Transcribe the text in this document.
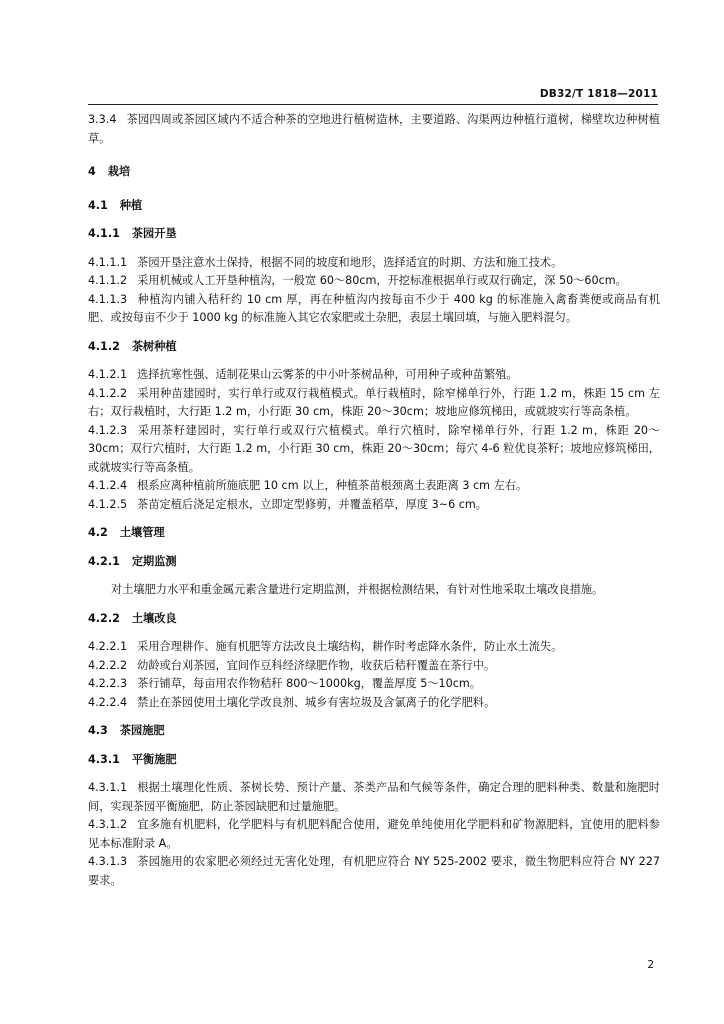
DB32/T 1818—2011

3.3.4 茶园四周或茶园区域内不适合种茶的空地进行植树造林，主要道路、沟渠两边种植行道树，梯壁坎边种树植草。

4 栽培

4.1 种植

4.1.1 茶园开垦

4.1.1.1 茶园开垦注意水土保持，根据不同的坡度和地形，选择适宜的时期、方法和施工技术。

4.1.1.2 采用机械或人工开垦种植沟，一般宽 60～80cm，开挖标准根据单行或双行确定，深 50～60cm。

4.1.1.3 种植沟内铺入秸秆约 10 cm 厚，再在种植沟内按每亩不少于 400 kg 的标准施入禽畜粪便或商品有机肥、或按每亩不少于 1000 kg 的标准施入其它农家肥或土杂肥，表层土壤回填，与施入肥料混匀。

4.1.2 茶树种植

4.1.2.1 选择抗寒性强、适制花果山云雾茶的中小叶茶树品种，可用种子或种苗繁殖。

4.1.2.2 采用种苗建园时，实行单行或双行栽植模式。单行栽植时，除窄梯单行外，行距 1.2 m，株距 15 cm 左右；双行栽植时，大行距 1.2 m，小行距 30 cm，株距 20～30cm；坡地应修筑梯田，或就坡实行等高条植。

4.1.2.3 采用茶籽建园时，实行单行或双行穴植模式。单行穴植时，除窄梯单行外，行距 1.2 m，株距 20～30cm；双行穴植时，大行距 1.2 m，小行距 30 cm，株距 20～30cm；每穴 4-6 粒优良茶籽；坡地应修筑梯田，或就坡实行等高条植。

4.1.2.4 根系应离种植前所施底肥 10 cm 以上，种植茶苗根颈离土表距离 3 cm 左右。

4.1.2.5 茶苗定植后浇足定根水，立即定型修剪，并覆盖稻草，厚度 3~6 cm。

4.2 土壤管理

4.2.1 定期监测

对土壤肥力水平和重金属元素含量进行定期监测，并根据检测结果，有针对性地采取土壤改良措施。

4.2.2 土壤改良

4.2.2.1 采用合理耕作、施有机肥等方法改良土壤结构，耕作时考虑降水条件，防止水土流失。

4.2.2.2 幼龄或台刈茶园，宜间作豆科经济绿肥作物，收获后秸秆覆盖在茶行中。

4.2.2.3 茶行铺草，每亩用农作物秸秆 800～1000kg，覆盖厚度 5～10cm。

4.2.2.4 禁止在茶园使用土壤化学改良剂、城乡有害垃圾及含氯离子的化学肥料。

4.3 茶园施肥

4.3.1 平衡施肥

4.3.1.1 根据土壤理化性质、茶树长势、预计产量、茶类产品和气候等条件，确定合理的肥料种类、数量和施肥时间，实现茶园平衡施肥，防止茶园缺肥和过量施肥。

4.3.1.2 宜多施有机肥料，化学肥料与有机肥料配合使用，避免单纯使用化学肥料和矿物源肥料，宜使用的肥料参见本标准附录 A。

4.3.1.3 茶园施用的农家肥必须经过无害化处理，有机肥应符合 NY 525-2002 要求，微生物肥料应符合 NY 227 要求。

2
